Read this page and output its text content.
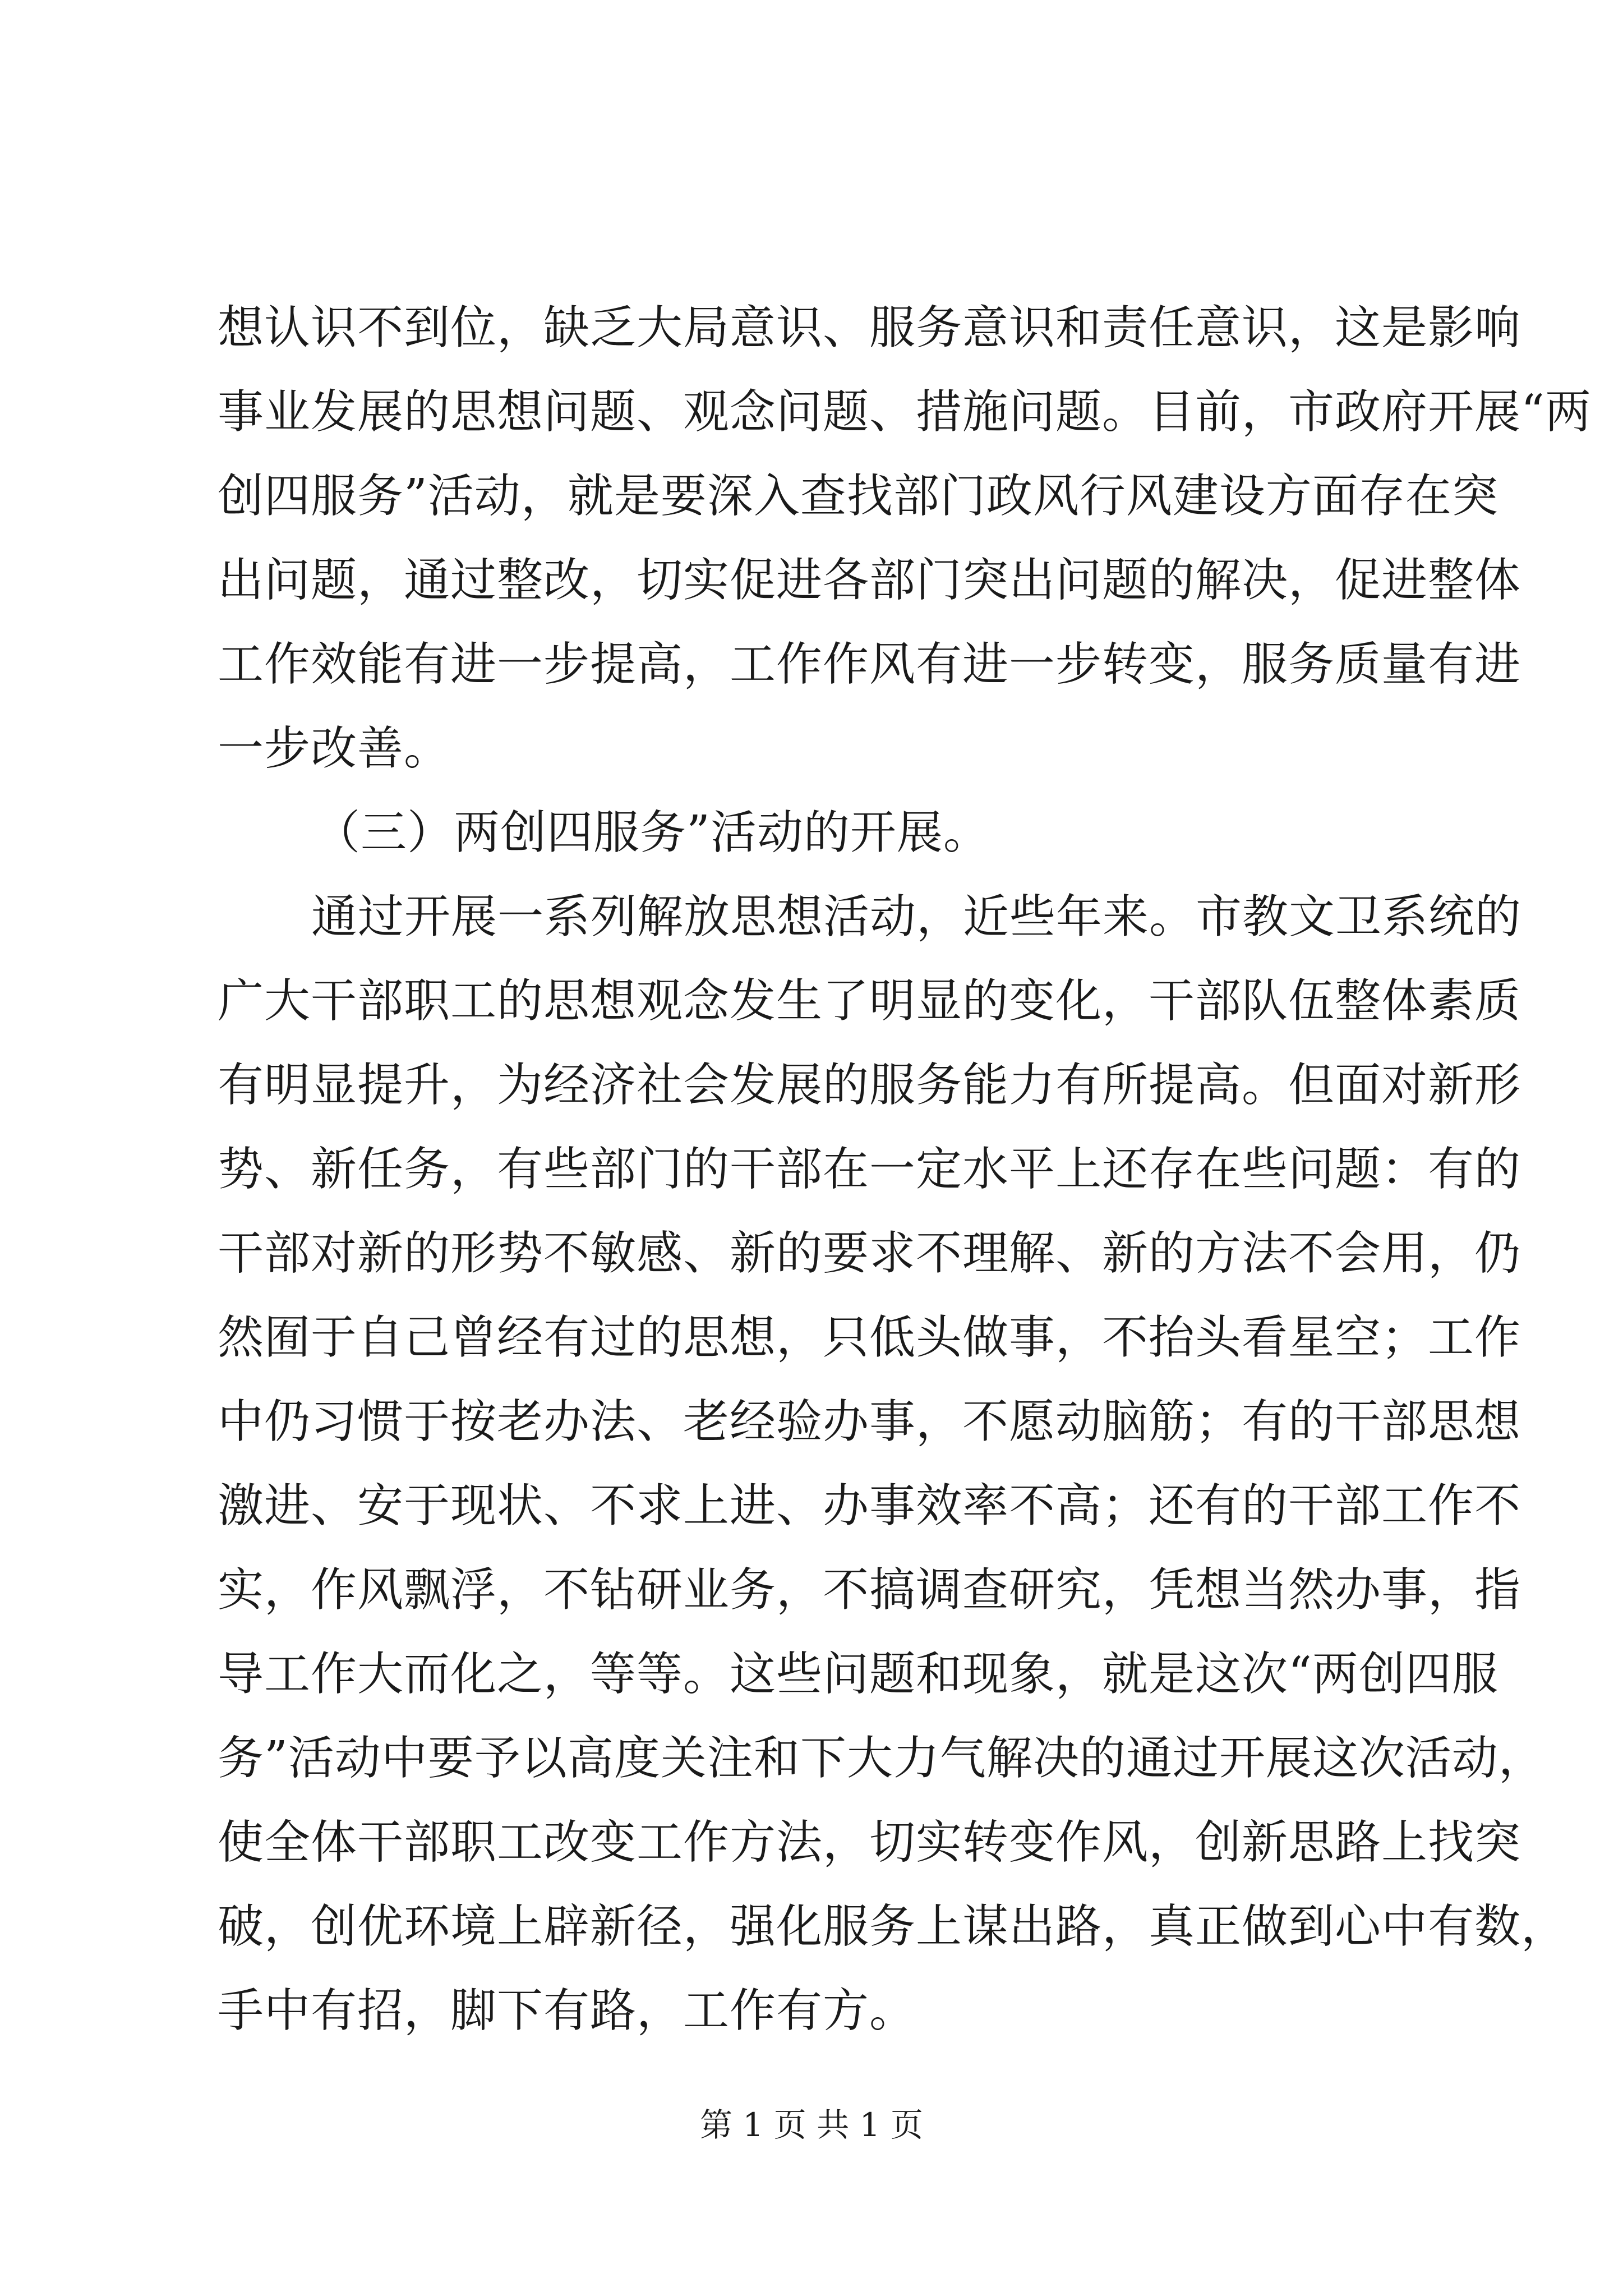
想认识不到位，缺乏大局意识、服务意识和责任意识，这是影响
事业发展的思想问题、观念问题、措施问题。目前，市政府开展“两
创四服务”活动，就是要深入查找部门政风行风建设方面存在突
出问题，通过整改，切实促进各部门突出问题的解决，促进整体
工作效能有进一步提高，工作作风有进一步转变，服务质量有进
一步改善。
（三）两创四服务”活动的开展。
通过开展一系列解放思想活动，近些年来。市教文卫系统的
广大干部职工的思想观念发生了明显的变化，干部队伍整体素质
有明显提升，为经济社会发展的服务能力有所提高。但面对新形
势、新任务，有些部门的干部在一定水平上还存在些问题：有的
干部对新的形势不敏感、新的要求不理解、新的方法不会用，仍
然囿于自己曾经有过的思想，只低头做事，不抬头看星空；工作
中仍习惯于按老办法、老经验办事，不愿动脑筋；有的干部思想
激进、安于现状、不求上进、办事效率不高；还有的干部工作不
实，作风飘浮，不钻研业务，不搞调查研究，凭想当然办事，指
导工作大而化之，等等。这些问题和现象，就是这次“两创四服
务”活动中要予以高度关注和下大力气解决的通过开展这次活动，
使全体干部职工改变工作方法，切实转变作风，创新思路上找突
破，创优环境上辟新径，强化服务上谋出路，真正做到心中有数，
手中有招，脚下有路，工作有方。
第 1 页 共 1 页
